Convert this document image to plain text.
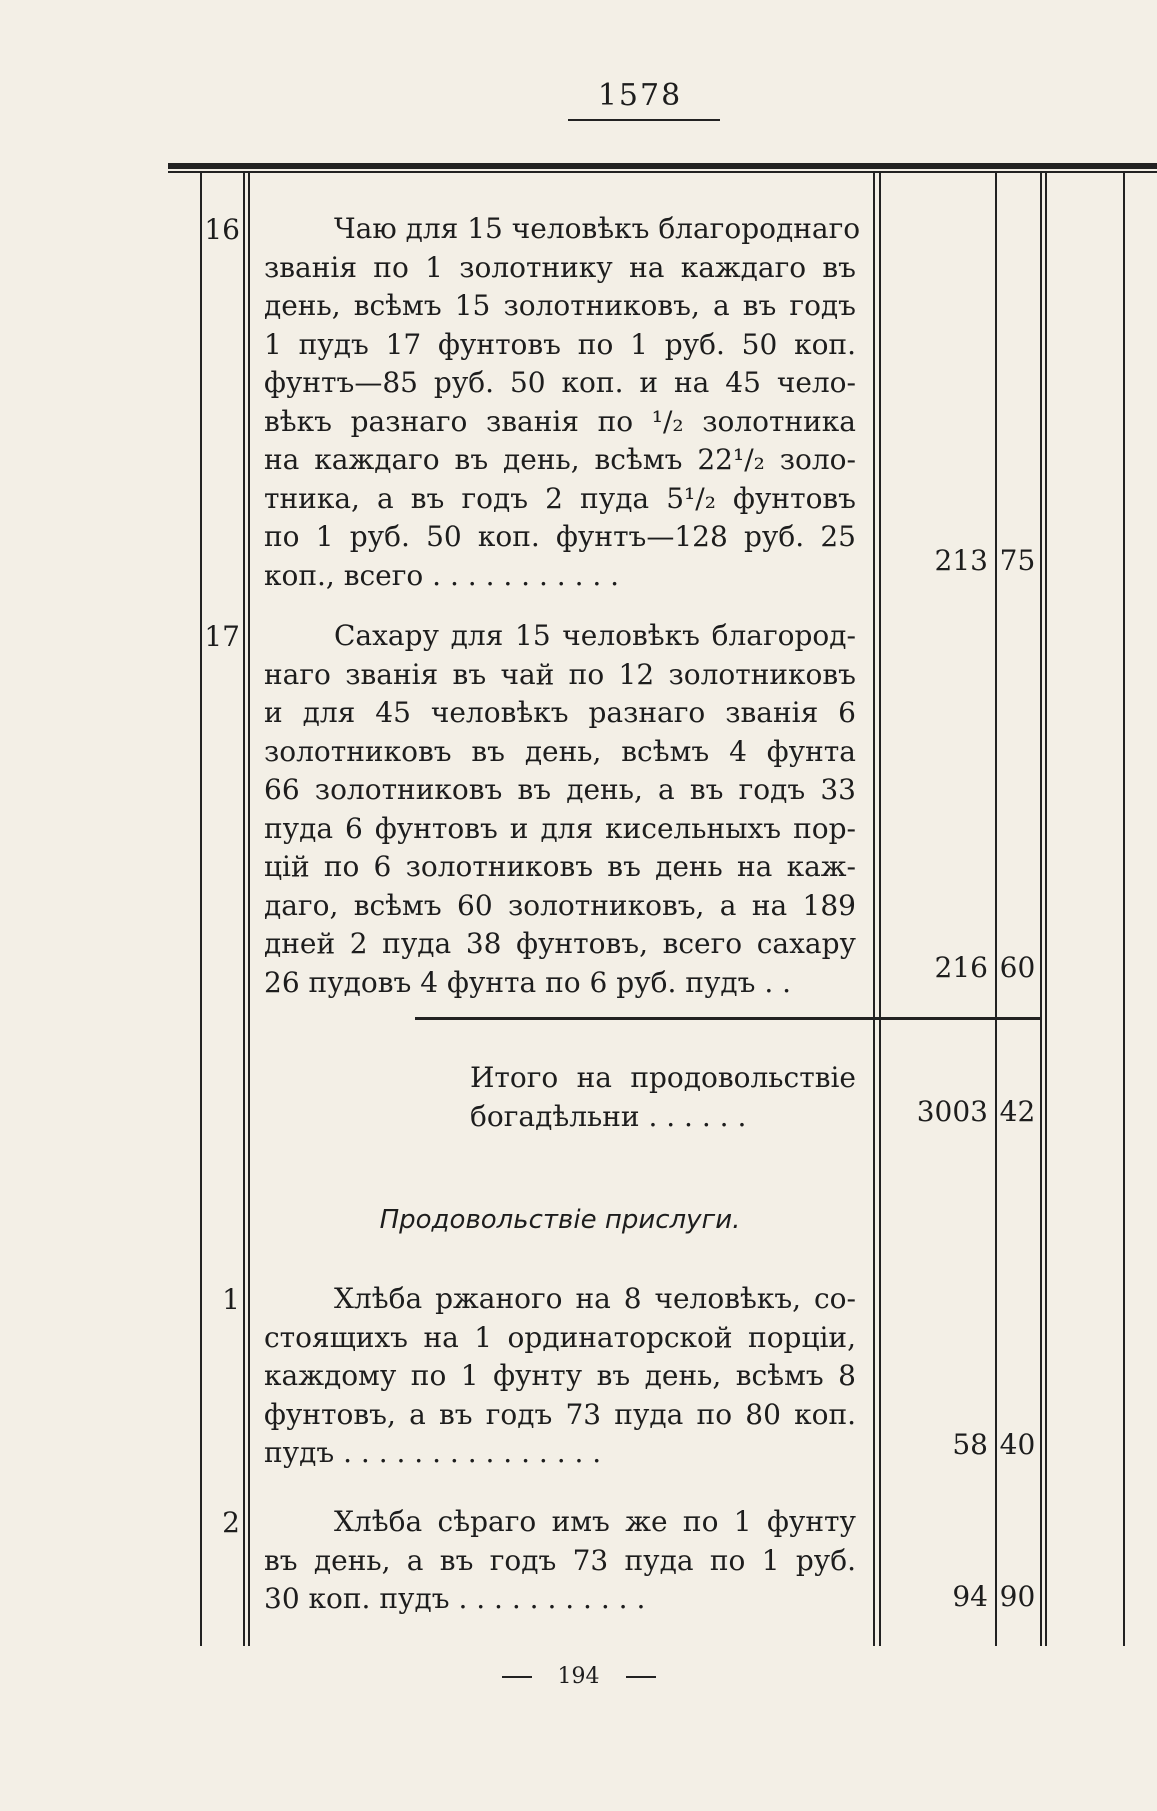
1578
16	Чаю для 15 человѣкъ благороднаго
званія по 1 золотнику на каждаго въ
день, всѣмъ 15 золотниковъ, а въ годъ
1 пудъ 17 фунтовъ по 1 руб. 50 коп.
фунтъ—85 руб. 50 коп. и на 45 чело-
вѣкъ разнаго званія по ¹/₂ золотника
на каждаго въ день, всѣмъ 22¹/₂ золо-
тника, а въ годъ 2 пуда 5¹/₂ фунтовъ
по 1 руб. 50 коп. фунтъ—128 руб. 25
коп., всего . . . . . . . . . . .	213 75
17	Сахару для 15 человѣкъ благород-
наго званія въ чай по 12 золотниковъ
и для 45 человѣкъ разнаго званія 6
золотниковъ въ день, всѣмъ 4 фунта
66 золотниковъ въ день, а въ годъ 33
пуда 6 фунтовъ и для кисельныхъ пор-
цій по 6 золотниковъ въ день на каж-
даго, всѣмъ 60 золотниковъ, а на 189
дней 2 пуда 38 фунтовъ, всего сахару
26 пудовъ 4 фунта по 6 руб. пудъ . .	216 60
Итого на продовольствіе
богадѣльни . . . . . .	3003 42
Продовольствіе прислуги.
1	Хлѣба ржаного на 8 человѣкъ, со-
стоящихъ на 1 ординаторской порціи,
каждому по 1 фунту въ день, всѣмъ 8
фунтовъ, а въ годъ 73 пуда по 80 коп.
пудъ . . . . . . . . . . . . . . .	58 40
2	Хлѣба сѣраго имъ же по 1 фунту
въ день, а въ годъ 73 пуда по 1 руб.
30 коп. пудъ . . . . . . . . . . .	94 90
194
